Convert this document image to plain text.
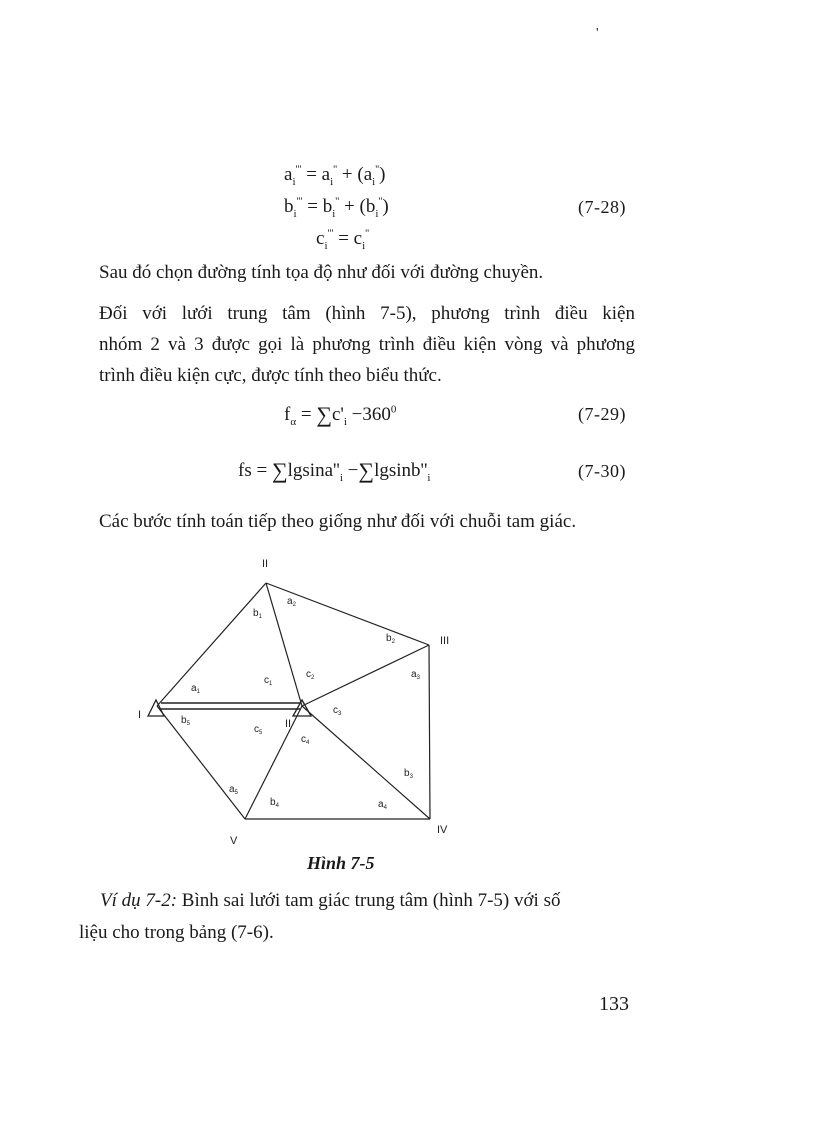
'
$a_i''' = a_i'' + (a_i'')$
$b_i''' = b_i'' + (b_i'')$	(7-28)
$c_i''' = c_i''$
Sau đó chọn đường tính tọa độ như đối với đường chuyền.
Đối với lưới trung tâm (hình 7-5), phương trình điều kiện
nhóm 2 và 3 được gọi là phương trình điều kiện vòng và phương
trình điều kiện cực, được tính theo biểu thức.
$f_\alpha = \sum c'_i -360^0$	(7-29)
fs = $\sum lgsina''_i -\sum lgsinb''_i$	(7-30)
Các bước tính toán tiếp theo giống như đối với chuỗi tam giác.
II
III
I
II
IV
V
$b_1$
$a_2$
$b_2$
$a_3$
$c_1$
$c_2$
$a_1$
$c_3$
$b_5$	$c_5$
$c_4$
$b_3$
$a_5$
$b_4$	$a_4$
Hình 7-5
Ví dụ 7-2: Bình sai lưới tam giác trung tâm (hình 7-5) với số
liệu cho trong bảng (7-6).
133
